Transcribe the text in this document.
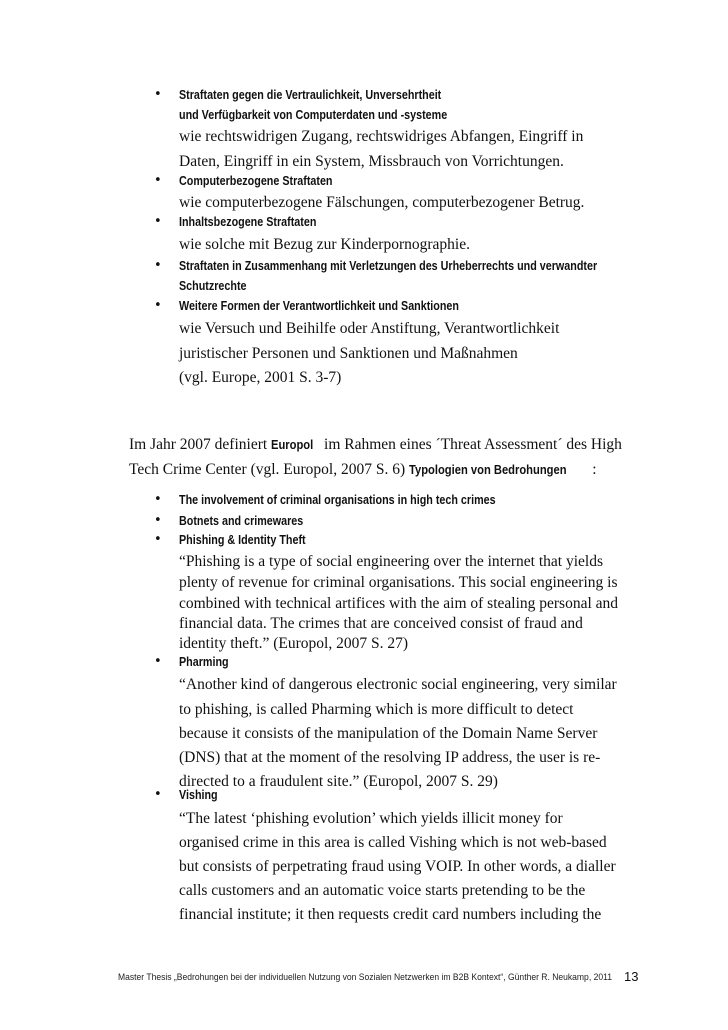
• Straftaten gegen die Vertraulichkeit, Unversehrtheit
und Verfügbarkeit von Computerdaten und -systeme
wie rechtswidrigen Zugang, rechtswidriges Abfangen, Eingriff in
Daten, Eingriff in ein System, Missbrauch von Vorrichtungen.
• Computerbezogene Straftaten
wie computerbezogene Fälschungen, computerbezogener Betrug.
• Inhaltsbezogene Straftaten
wie solche mit Bezug zur Kinderpornographie.
• Straftaten in Zusammenhang mit Verletzungen des Urheberrechts und verwandter
Schutzrechte
• Weitere Formen der Verantwortlichkeit und Sanktionen
wie Versuch und Beihilfe oder Anstiftung, Verantwortlichkeit
juristischer Personen und Sanktionen und Maßnahmen
(vgl. Europe, 2001 S. 3-7)
Im Jahr 2007 definiert Europol im Rahmen eines ´Threat Assessment´ des High
Tech Crime Center (vgl. Europol, 2007 S. 6) Typologien von Bedrohungen :
• The involvement of criminal organisations in high tech crimes
• Botnets and crimewares
• Phishing & Identity Theft
“Phishing is a type of social engineering over the internet that yields
plenty of revenue for criminal organisations. This social engineering is
combined with technical artifices with the aim of stealing personal and
financial data. The crimes that are conceived consist of fraud and
identity theft.” (Europol, 2007 S. 27)
• Pharming
“Another kind of dangerous electronic social engineering, very similar
to phishing, is called Pharming which is more difficult to detect
because it consists of the manipulation of the Domain Name Server
(DNS) that at the moment of the resolving IP address, the user is re-
directed to a fraudulent site.” (Europol, 2007 S. 29)
• Vishing
“The latest ‘phishing evolution’ which yields illicit money for
organised crime in this area is called Vishing which is not web-based
but consists of perpetrating fraud using VOIP. In other words, a dialler
calls customers and an automatic voice starts pretending to be the
financial institute; it then requests credit card numbers including the
Master Thesis „Bedrohungen bei der individuellen Nutzung von Sozialen Netzwerken im B2B Kontext“, Günther R. Neukamp, 2011 13
